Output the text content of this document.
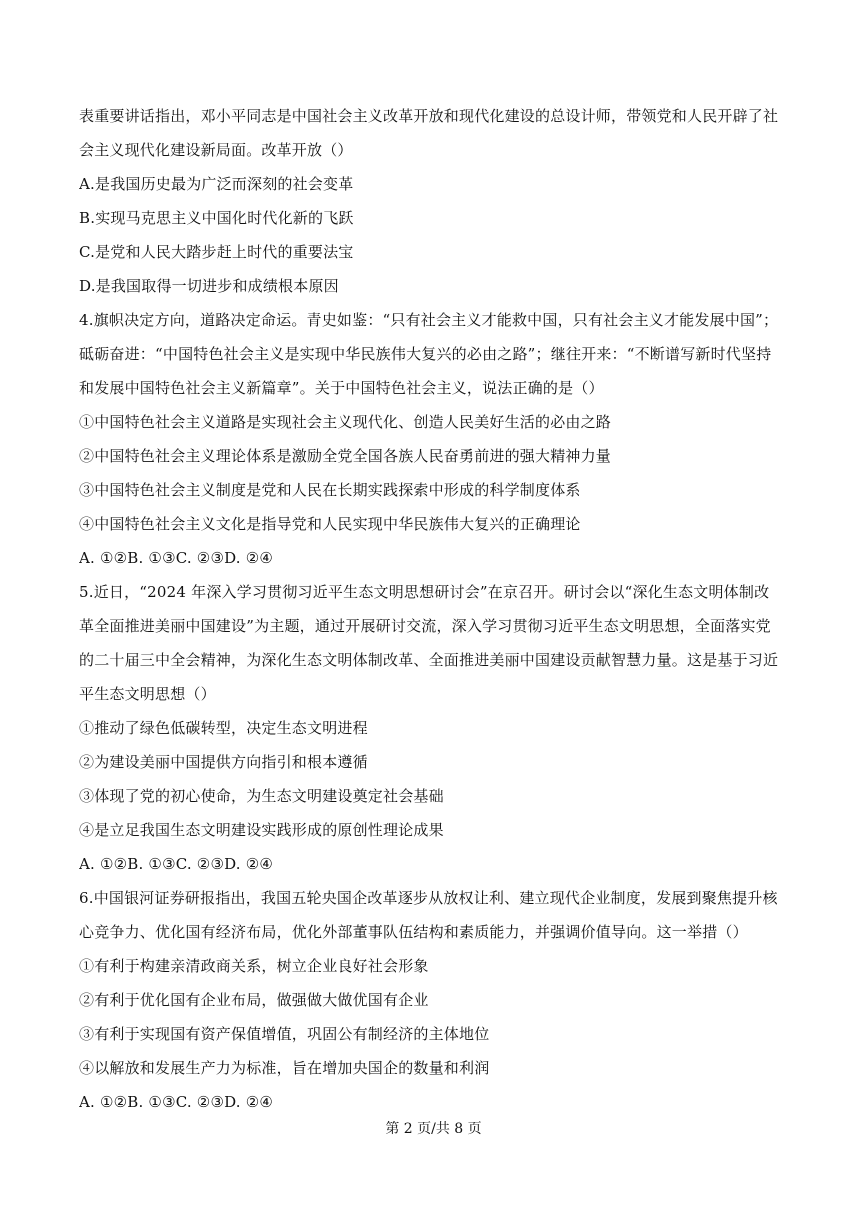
表重要讲话指出，邓小平同志是中国社会主义改革开放和现代化建设的总设计师，带领党和人民开辟了社
会主义现代化建设新局面。改革开放（）
A.是我国历史最为广泛而深刻的社会变革
B.实现马克思主义中国化时代化新的飞跃
C.是党和人民大踏步赶上时代的重要法宝
D.是我国取得一切进步和成绩根本原因
4.旗帜决定方向，道路决定命运。青史如鉴：“只有社会主义才能救中国，只有社会主义才能发展中国”；
砥砺奋进：“中国特色社会主义是实现中华民族伟大复兴的必由之路”；继往开来：“不断谱写新时代坚持
和发展中国特色社会主义新篇章”。关于中国特色社会主义，说法正确的是（）
①中国特色社会主义道路是实现社会主义现代化、创造人民美好生活的必由之路
②中国特色社会主义理论体系是激励全党全国各族人民奋勇前进的强大精神力量
③中国特色社会主义制度是党和人民在长期实践探索中形成的科学制度体系
④中国特色社会主义文化是指导党和人民实现中华民族伟大复兴的正确理论
A. ①②B. ①③C. ②③D. ②④
5.近日，“2024 年深入学习贯彻习近平生态文明思想研讨会”在京召开。研讨会以“深化生态文明体制改
革全面推进美丽中国建设”为主题，通过开展研讨交流，深入学习贯彻习近平生态文明思想，全面落实党
的二十届三中全会精神，为深化生态文明体制改革、全面推进美丽中国建设贡献智慧力量。这是基于习近
平生态文明思想（）
①推动了绿色低碳转型，决定生态文明进程
②为建设美丽中国提供方向指引和根本遵循
③体现了党的初心使命，为生态文明建设奠定社会基础
④是立足我国生态文明建设实践形成的原创性理论成果
A. ①②B. ①③C. ②③D. ②④
6.中国银河证券研报指出，我国五轮央国企改革逐步从放权让利、建立现代企业制度，发展到聚焦提升核
心竞争力、优化国有经济布局，优化外部董事队伍结构和素质能力，并强调价值导向。这一举措（）
①有利于构建亲清政商关系，树立企业良好社会形象
②有利于优化国有企业布局，做强做大做优国有企业
③有利于实现国有资产保值增值，巩固公有制经济的主体地位
④以解放和发展生产力为标准，旨在增加央国企的数量和利润
A. ①②B. ①③C. ②③D. ②④
第 2 页/共 8 页
